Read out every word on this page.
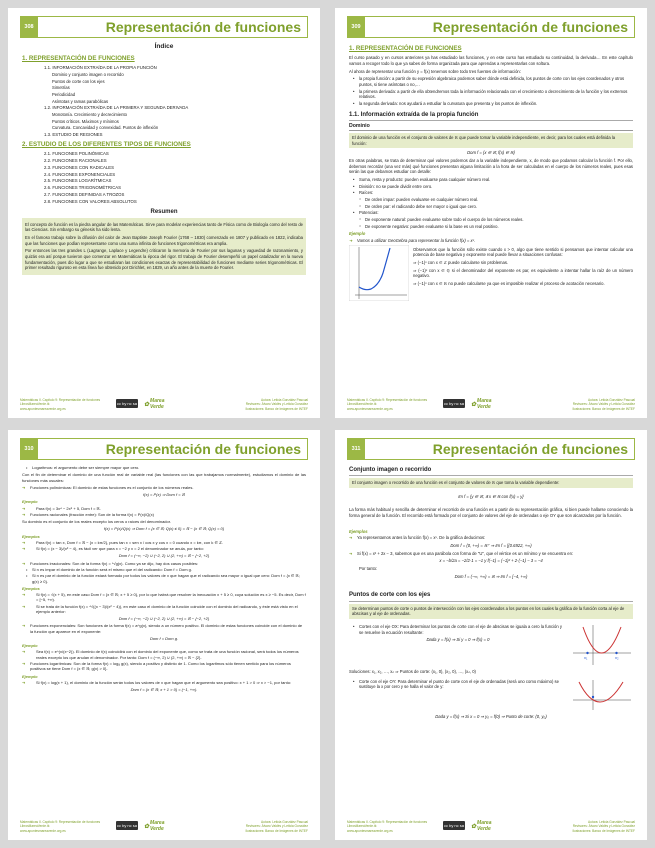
308	Representación de funciones
Índice
1. REPRESENTACIÓN DE FUNCIONES
1.1. INFORMACIÓN EXTRAÍDA DE LA PROPIA FUNCIÓN
Dominio y conjunto imagen o recorrido
Puntos de corte con los ejes
Simetrías
Periodicidad
Asíntotas y ramas parabólicas
1.2. INFORMACIÓN EXTRAÍDA DE LA PRIMERA Y SEGUNDA DERIVADA
Monotonía. Crecimiento y decrecimiento
Puntos críticos. Máximos y mínimos
Curvatura. Concavidad y convexidad. Puntos de inflexión
1.3. ESTUDIO DE REGIONES
2. ESTUDIO DE LOS DIFERENTES TIPOS DE FUNCIONES
2.1. FUNCIONES POLINÓMICAS
2.2. FUNCIONES RACIONALES
2.3. FUNCIONES CON RADICALES
2.4. FUNCIONES EXPONENCIALES
2.5. FUNCIONES LOGARÍTMICAS
2.6. FUNCIONES TRIGONOMÉTRICAS
2.7. FUNCIONES DEFINIDAS A TROZOS
2.8. FUNCIONES CON VALORES ABSOLUTOS
Resumen
El concepto de función es la piedra angular de las Matemáticas. Sirve para modelar experiencias tanto de Física como de Biología como del resto de las Ciencias. Sin embargo su génesis ha sido lenta.
En el famoso trabajo sobre la difusión del calor de Jean Baptiste Joseph Fourier (1768 – 1830) comenzado en 1807 y publicado en 1822, indicaba que las funciones que podían representarse como una suma infinita de funciones trigonométricas era amplia.
Por entonces las tres grandes L (Lagrange, Laplace y Legendre) criticaron la memoria de Fourier por sus lagunas y vaguedad de razonamiento, y quizás era así porque tuvieron que comenzar en Matemáticas la época del rigor. El trabajo de Fourier desempeñó un papel catalizador en la nueva fundamentación, pues dio lugar a que se estudiaran las condiciones exactas de representabilidad de funciones mediante series trigonométricas. El primer resultado riguroso en esta línea fue obtenido por Dirichlet, en 1829, un año antes de la muerte de Fourier.
Matemáticas II. Capítulo 9: Representación de funciones
LibrosMareaVerde.tk
www.apuntesmareaverde.org.es
cc by nc sa	✿ Marea Verde
Autora: Leticia González Pascual
Revisores: Álvaro Valdés y Leticia González
Ilustraciones: Banco de Imágenes de INTEF
309	Representación de funciones
1. REPRESENTACIÓN DE FUNCIONES
El curso pasado y en cursos anteriores ya has estudiado las funciones, y en este curso has estudiado su continuidad, la derivada… En este capítulo vamos a recoger todo lo que ya sabes de forma organizada para que aprendas a representarlas con soltura.
Al ahora de representar una función y = f(x) tenemos sobre todo tres fuentes de información:
• la propia función: a partir de su expresión algebraica podemos saber dónde está definida, los puntos de corte con los ejes coordenados y otros puntos, si tiene asíntotas o no,…
• la primera derivada: a partir de ella obtendremos toda la información relacionada con el crecimiento o decrecimiento de la función y los extremos relativos.
• la segunda derivada: nos ayudará a estudiar la curvatura que presenta y los puntos de inflexión.
1.1. Información extraída de la propia función
Dominio
El dominio de una función es el conjunto de valores de ℝ que puede tomar la variable independiente, es decir, para los cuales está definida la función:
Dom f = {x ∈ ℝ; f(x) ∈ ℝ}
En otras palabras, se trata de determinar qué valores podemos dar a la variable independiente, x, de modo que podamos calcular la función f. Por ello, debemos recordar (una vez más) qué funciones presentan alguna limitación a la hora de ser calculadas en el cuerpo de los números reales, pues esas serán las que debamos estudiar con detalle:
• Suma, resta y producto: pueden evaluarse para cualquier número real.
• División: no se puede dividir entre cero.
• Raíces:
○ De orden impar: pueden evaluarse en cualquier número real.
○ De orden par: el radicando debe ser mayor o igual que cero.
• Potencias:
○ De exponente natural: pueden evaluarse sobre todo el cuerpo de los números reales.
○ De exponente negativo: pueden evaluarse si la base es un real positivo.
Ejemplo
➜ Vamos a utilizar GeoGebra para representar la función f(x) = xˣ.
Observamos que la función sólo existe cuando x > 0, algo que tiene sentido si pensamos que intentar calcular una potencia de base negativa y exponente real puede llevar a situaciones confusas:
⇒ (−1)ˣ con x ∈ ℤ puede calcularse sin problemas.
⇒ (−1)ˣ con x ∈ ℚ si el denominador del exponente es par, es equivalente a intentar hallar la raíz de un número negativo.
⇒ (−1)ˣ con x ∈ ℝ no puede calcularse ya que es imposible realizar el proceso de acotación necesario.
Matemáticas II. Capítulo 9: Representación de funciones
LibrosMareaVerde.tk
www.apuntesmareaverde.org.es
cc by nc sa	✿ Marea Verde
Autora: Leticia González Pascual
Revisores: Álvaro Valdés y Leticia González
Ilustraciones: Banco de Imágenes de INTEF
310	Representación de funciones
• Logaritmos: el argumento debe ser siempre mayor que cero.
Con el fin de determinar el dominio de una función real de variable real (las funciones con las que trabajamos normalmente), estudiamos el dominio de las funciones más usuales:
➜ Funciones polinómicas: El dominio de estas funciones es el conjunto de los números reales.
f(x) = P(x) ⇒ Dom f = ℝ
Ejemplo
➜ Para f(x) = 3x⁴ − 2x⁵ + 5, Dom f = ℝ.
➜ Funciones racionales (fracción entre): Son de la forma f(x) = P(x)/Q(x)
Su dominio es el conjunto de los reales excepto los ceros o raíces del denominador.
f(x) = P(x)/Q(x) ⇒ Dom f = {x ∈ ℝ; Q(x) ≠ 0} = ℝ − {x ∈ ℝ; Q(x) = 0}
Ejemplos
➜ Para f(x) = tan x, Dom f = ℝ − {x = kπ/2}, pues tan x = sen x / cos x y cos x = 0 cuando x = kπ, con k ∈ ℤ.
➜ Si f(x) = (x − 3)/(x² − 4), es fácil ver que para x = −2 y x = 2 el denominador se anula, por tanto:
Dom f = (−∞, −2) ∪ (−2, 2) ∪ (2, +∞) = ℝ − {−2, +2}
➜ Funciones irracionales: Son de la forma f(x) = ⁿ√g(x). Como ya se dijo, hay dos casos posibles:
• Si n es impar el dominio de la función será el mismo que el del radicando: Dom f = Dom g.
• Si n es par el dominio de la función estará formado por todos los valores de x que hagan que el radicando sea mayor o igual que cero: Dom f = {x ∈ ℝ; g(x) ≥ 0}.
Ejemplos
➜ Si f(x) = √(x + 5), en este caso Dom f = {x ∈ ℝ; x + 5 ≥ 0}, por lo que habrá que resolver la inecuación x + 5 ≥ 0, cuya solución es x ≥ −5. Es decir, Dom f = [−5, +∞).
➜ Si se trata de la función f(x) = ⁴√((x − 3)/(x² − 4)), en este caso el dominio de la función coincide con el dominio del radicando, y éste está visto en el ejemplo anterior:
Dom f = (−∞, −2) ∪ (−2, 2) ∪ (2, +∞) = ℝ − {−2, +2}
➜ Funciones exponenciales: Son funciones de la forma f(x) = a^g(x), siendo a un número positivo. El dominio de estas funciones coincide con el dominio de la función que aparece en el exponente:
Dom f = Dom g.
Ejemplo
➜ Sea f(x) = e^(x/(x−2)). El dominio de f(x) coincidirá con el dominio del exponente que, como se trata de una función racional, será todos los números reales excepto los que anulan el denominador. Por tanto: Dom f = (−∞, 2) ∪ (2, +∞) = ℝ − {2}.
➜ Funciones logarítmicas: Son de la forma f(x) = logₐ g(x), siendo a positivo y distinto de 1. Como los logaritmos sólo tienen sentido para los números positivos se tiene Dom f = {x ∈ ℝ; g(x) > 0}.
Ejemplo
➜ Si f(x) = log(x + 1), el dominio de la función serán todos los valores de x que hagan que el argumento sea positivo: x + 1 > 0 ⇒ x > −1, por tanto:
Dom f = {x ∈ ℝ; x + 1 > 0} = (−1, +∞).
Matemáticas II. Capítulo 9: Representación de funciones
LibrosMareaVerde.tk
www.apuntesmareaverde.org.es
cc by nc sa	✿ Marea Verde
Autora: Leticia González Pascual
Revisores: Álvaro Valdés y Leticia González
Ilustraciones: Banco de Imágenes de INTEF
311	Representación de funciones
Conjunto imagen o recorrido
El conjunto imagen o recorrido de una función es el conjunto de valores de ℝ que toma la variable dependiente:
Im f = {y ∈ ℝ; ∃ x ∈ ℝ con f(x) = y}
La forma más habitual y sencilla de determinar el recorrido de una función es a partir de su representación gráfica, si bien puede hallarse conociendo la forma general de la función. El recorrido está formado por el conjunto de valores del eje de ordenadas o eje OY que son alcanzados por la función.
Ejemplos
➜ Ya representamos antes la función f(x) = xˣ. De la gráfica deducimos:
Dom f = (0, +∞) = ℝ⁺ ⇒ Im f = [(0.6922, +∞)
➜ Si f(x) = x² + 2x − 3, sabemos que es una parábola con forma de "U", que el vértice es un mínimo y se encuentra en:
x = −b/2a = −2/2·1 = −1 y f(−1) = (−1)² + 2·(−1) − 3 = −4
Por tanto:
Dom f = (−∞, +∞) = ℝ ⇒ Im f = [−4, +∞)
Puntos de corte con los ejes
Se determinan puntos de corte o puntos de intersección con los ejes coordenados a los puntos en los cuales la gráfica de la función corta al eje de abscisas y al eje de ordenadas.
• Cortes con el eje OX: Para determinar los puntos de corte con el eje de abscisas se iguala a cero la función y se resuelve la ecuación resultante:
Dada y = f(x) ⇒ Si y = 0 ⇒ f(x) = 0
x₁	x₂
Soluciones: x₁, x₂, …, xₙ ⇒ Puntos de corte: (x₁, 0), (x₂, 0), …, (xₙ, 0)
• Corte con el eje OY: Para determinar el punto de corte con el eje de ordenadas (será uno como máximo) se sustituye la x por cero y se halla el valor de y:
Dada y = f(x) ⇒ Si x = 0 ⇒ y₀ = f(0) ⇒ Punto de corte: (0, y₀)
Matemáticas II. Capítulo 9: Representación de funciones
LibrosMareaVerde.tk
www.apuntesmareaverde.org.es
cc by nc sa	✿ Marea Verde
Autora: Leticia González Pascual
Revisores: Álvaro Valdés y Leticia González
Ilustraciones: Banco de Imágenes de INTEF
